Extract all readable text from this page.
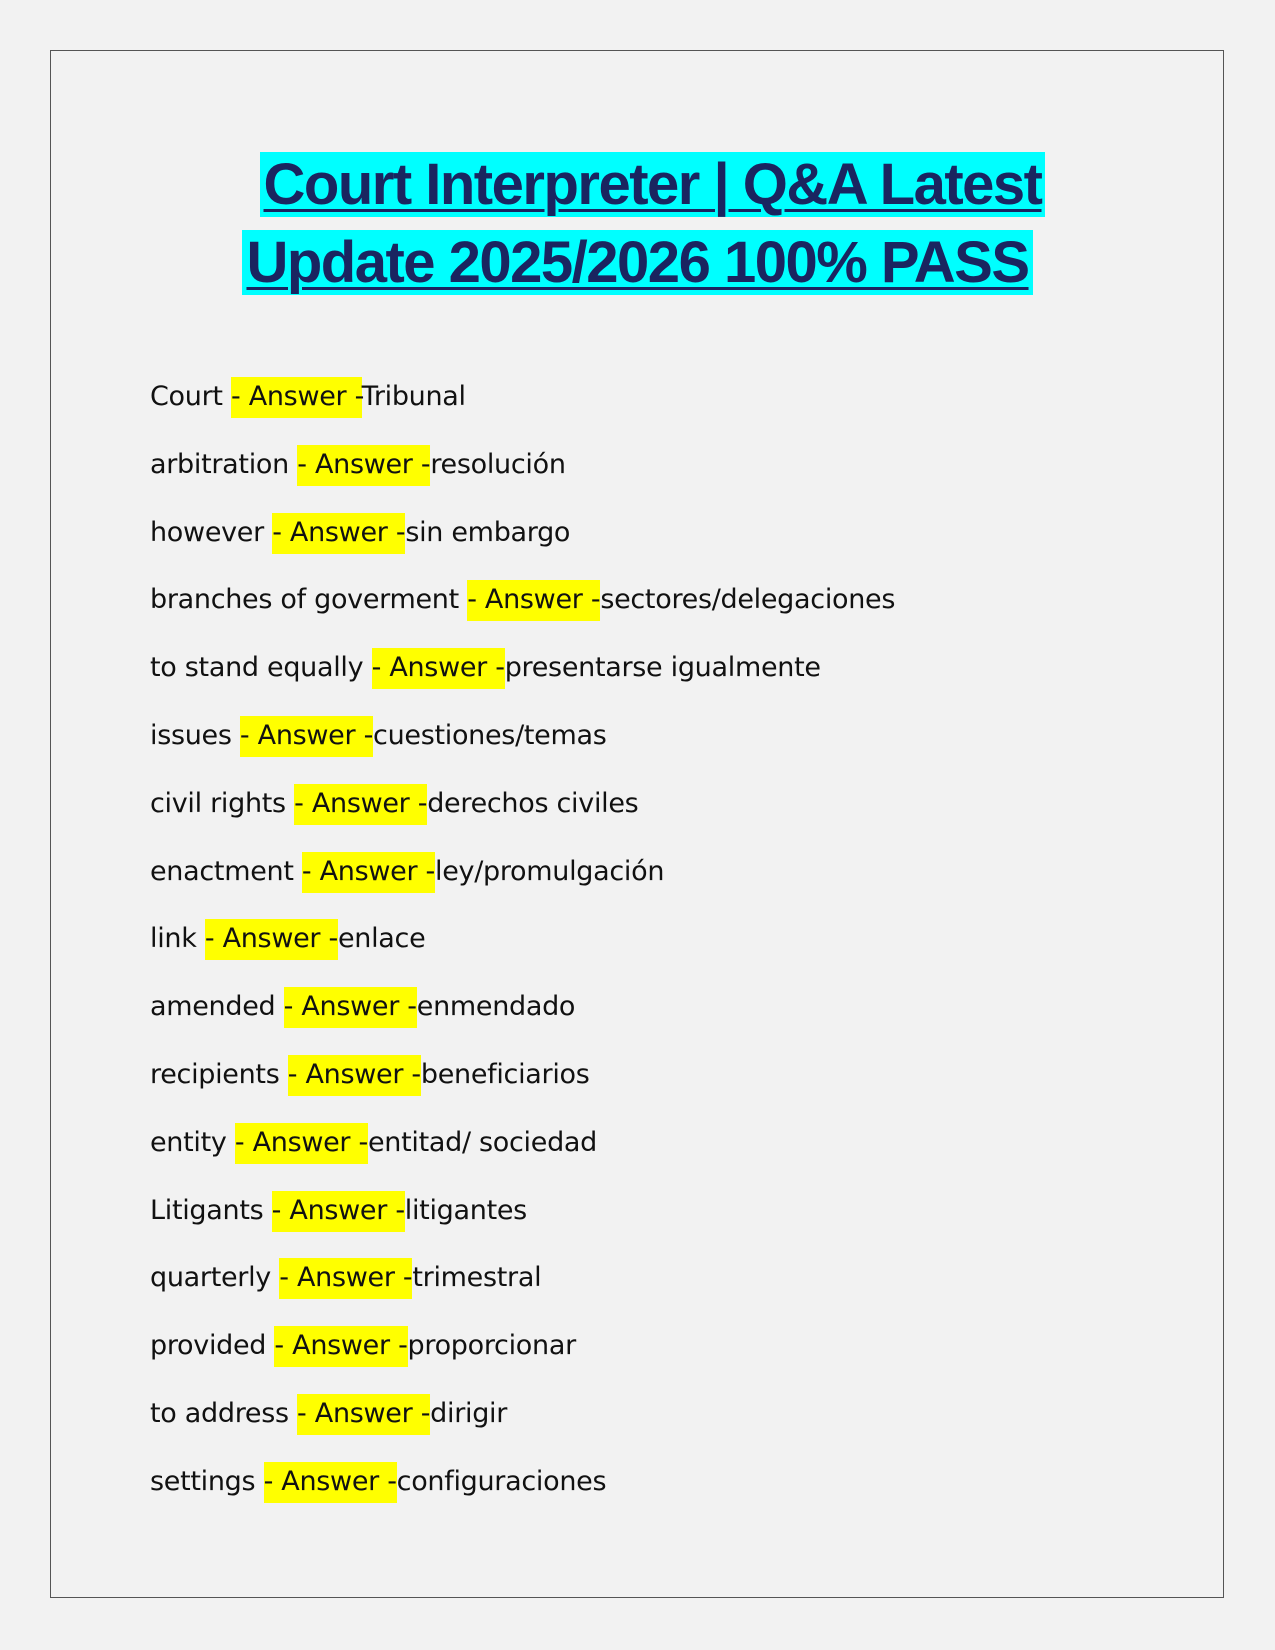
Court Interpreter | Q&A Latest
Update 2025/2026 100% PASS
Court - Answer -Tribunal
arbitration - Answer -resolución
however - Answer -sin embargo
branches of goverment - Answer -sectores/delegaciones
to stand equally - Answer -presentarse igualmente
issues - Answer -cuestiones/temas
civil rights - Answer -derechos civiles
enactment - Answer -ley/promulgación
link - Answer -enlace
amended - Answer -enmendado
recipients - Answer -beneficiarios
entity - Answer -entitad/ sociedad
Litigants - Answer -litigantes
quarterly - Answer -trimestral
provided - Answer -proporcionar
to address - Answer -dirigir
settings - Answer -configuraciones
